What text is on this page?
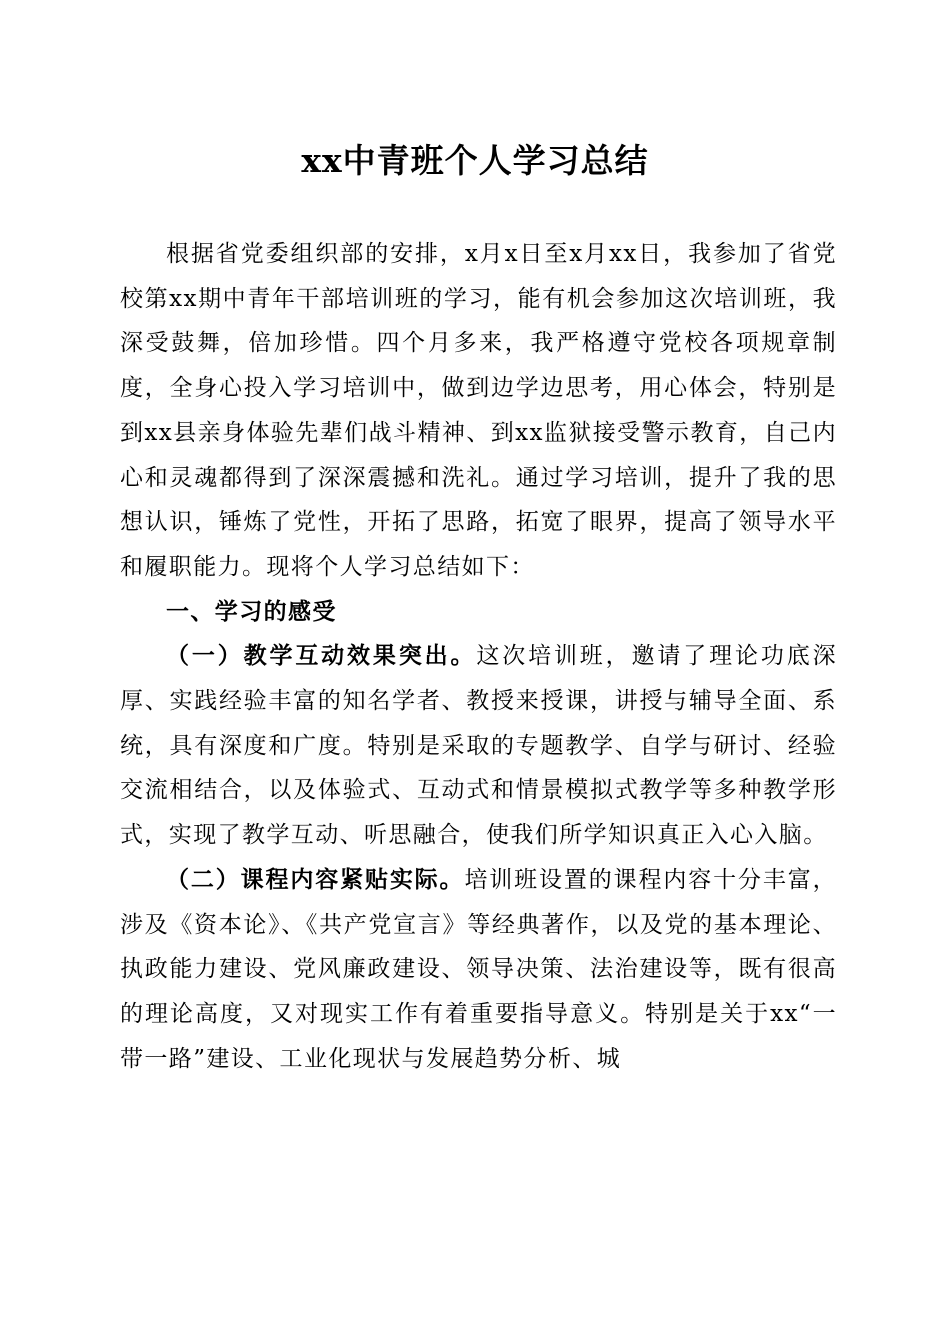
xx中青班个人学习总结

根据省党委组织部的安排，x月x日至x月xx日，我参加了省党校第xx期中青年干部培训班的学习，能有机会参加这次培训班，我深受鼓舞，倍加珍惜。四个月多来，我严格遵守党校各项规章制度，全身心投入学习培训中，做到边学边思考，用心体会，特别是到xx县亲身体验先辈们战斗精神、到xx监狱接受警示教育，自己内心和灵魂都得到了深深震撼和洗礼。通过学习培训，提升了我的思想认识，锤炼了党性，开拓了思路，拓宽了眼界，提高了领导水平和履职能力。现将个人学习总结如下：

一、学习的感受

（一）教学互动效果突出。这次培训班，邀请了理论功底深厚、实践经验丰富的知名学者、教授来授课，讲授与辅导全面、系统，具有深度和广度。特别是采取的专题教学、自学与研讨、经验交流相结合，以及体验式、互动式和情景模拟式教学等多种教学形式，实现了教学互动、听思融合，使我们所学知识真正入心入脑。

（二）课程内容紧贴实际。培训班设置的课程内容十分丰富，涉及《资本论》、《共产党宣言》等经典著作，以及党的基本理论、执政能力建设、党风廉政建设、领导决策、法治建设等，既有很高的理论高度，又对现实工作有着重要指导意义。特别是关于xx“一带一路”建设、工业化现状与发展趋势分析、城
